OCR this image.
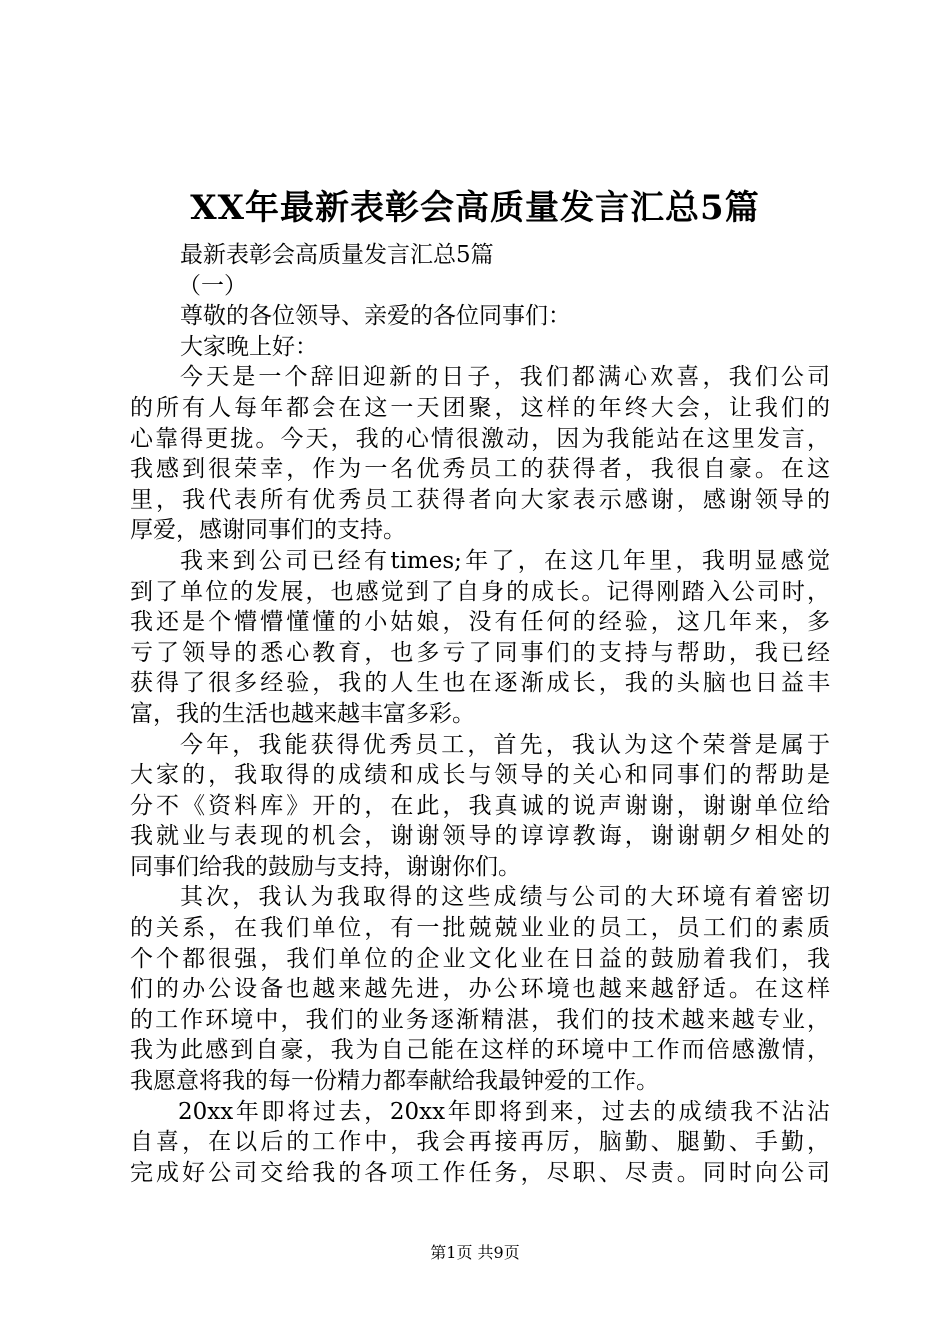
XX年最新表彰会高质量发言汇总5篇
最新表彰会高质量发言汇总5篇
（一）
尊敬的各位领导、亲爱的各位同事们：
大家晚上好：
今天是一个辞旧迎新的日子，我们都满心欢喜，我们公司
的所有人每年都会在这一天团聚，这样的年终大会，让我们的
心靠得更拢。今天，我的心情很激动，因为我能站在这里发言，
我感到很荣幸，作为一名优秀员工的获得者，我很自豪。在这
里，我代表所有优秀员工获得者向大家表示感谢，感谢领导的
厚爱，感谢同事们的支持。
我来到公司已经有times;年了，在这几年里，我明显感觉
到了单位的发展，也感觉到了自身的成长。记得刚踏入公司时，
我还是个懵懵懂懂的小姑娘，没有任何的经验，这几年来，多
亏了领导的悉心教育，也多亏了同事们的支持与帮助，我已经
获得了很多经验，我的人生也在逐渐成长，我的头脑也日益丰
富，我的生活也越来越丰富多彩。
今年，我能获得优秀员工，首先，我认为这个荣誉是属于
大家的，我取得的成绩和成长与领导的关心和同事们的帮助是
分不《资料库》开的，在此，我真诚的说声谢谢，谢谢单位给
我就业与表现的机会，谢谢领导的谆谆教诲，谢谢朝夕相处的
同事们给我的鼓励与支持，谢谢你们。
其次，我认为我取得的这些成绩与公司的大环境有着密切
的关系，在我们单位，有一批兢兢业业的员工，员工们的素质
个个都很强，我们单位的企业文化业在日益的鼓励着我们，我
们的办公设备也越来越先进，办公环境也越来越舒适。在这样
的工作环境中，我们的业务逐渐精湛，我们的技术越来越专业，
我为此感到自豪，我为自己能在这样的环境中工作而倍感激情，
我愿意将我的每一份精力都奉献给我最钟爱的工作。
20xx年即将过去，20xx年即将到来，过去的成绩我不沾沾
自喜，在以后的工作中，我会再接再厉，脑勤、腿勤、手勤，
完成好公司交给我的各项工作任务，尽职、尽责。同时向公司
第1页 共9页
